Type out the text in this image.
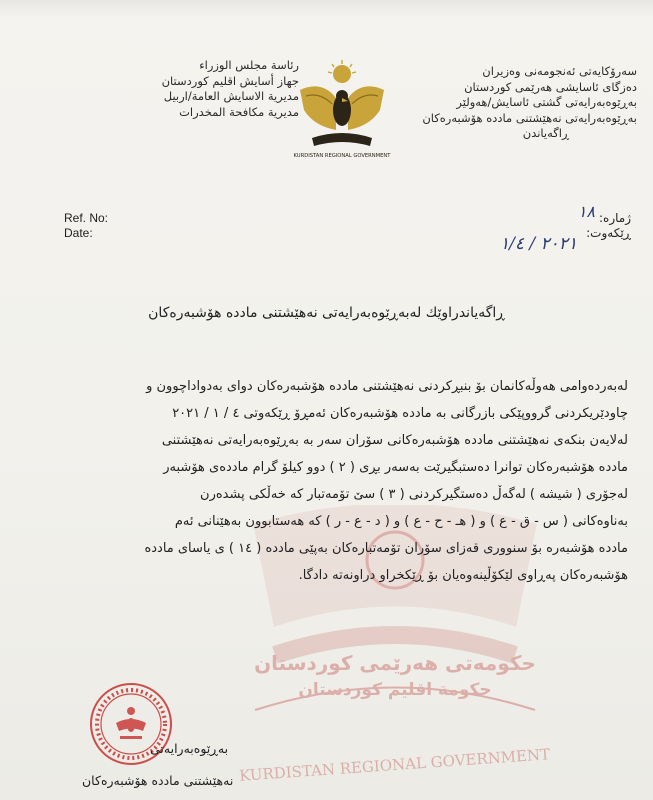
حکومەتی هەرێمی کوردستان
حكومة اقليم كوردستان
KURDISTAN REGIONAL GOVERNMENT
رئاسة مجلس الوزراء
جهاز أسايش اقليم كوردستان
مديرية الاسايش العامة/اربيل
مديرية مكافحة المخدرات
KURDISTAN REGIONAL GOVERNMENT
سەرۆکایەتی ئەنجومەنی وەزیران
دەزگای ئاسایشی هەرێمی کوردستان
بەڕێوەبەرایەتی گشتی ئاسایش/هەولێر
بەڕێوەبەرایەتی نەهێشتنی مادده هۆشبەرەکان
ڕاگەیاندن
Ref. No:
Date:
ژمارە:
ڕێکەوت:
١٨
٢٠٢١ / ١/٤
ڕاگەیاندراوێك لەبەڕێوەبەرایەتی نەهێشتنی مادده هۆشبەرەکان
لەبەردەوامی هەوڵەکانمان بۆ بنبڕکردنی نەهێشتنی مادده هۆشبەرەکان دوای بەدواداچوون و
چاودێریکردنی گرووپێکی بازرگانی بە مادده هۆشبەرەکان ئەمڕۆ ڕێکەوتی ٤ / ١ / ٢٠٢١
لەلایەن بنکەی نەهێشتنی مادده هۆشبەرەکانی سۆران سەر بە بەڕێوەبەرایەتی نەهێشتنی
مادده هۆشبەرەکان توانرا دەستبگیرێت بەسەر بڕی ( ٢ ) دوو کیلۆ گرام ماددەی هۆشبەر
لەجۆری ( شیشە ) لەگەڵ دەستگیرکردنی ( ٣ ) سێ تۆمەتبار کە خەڵکی پشدەرن
بەناوەکانی ( س - ق - ع ) و ( هـ - ح - ع ) و ( د - ع - ر ) کە هەستابوون بەهێنانی ئەم
مادده هۆشبەرە بۆ سنووری قەزای سۆران تۆمەتبارەکان بەپێی مادده ( ١٤ ) ی یاسای مادده
هۆشبەرەکان پەڕاوی لێکۆڵینەوەیان بۆ ڕێکخراو دراونەتە دادگا.
بەڕێوەبەرایەتی
نەهێشتنی مادده هۆشبەرەکان
